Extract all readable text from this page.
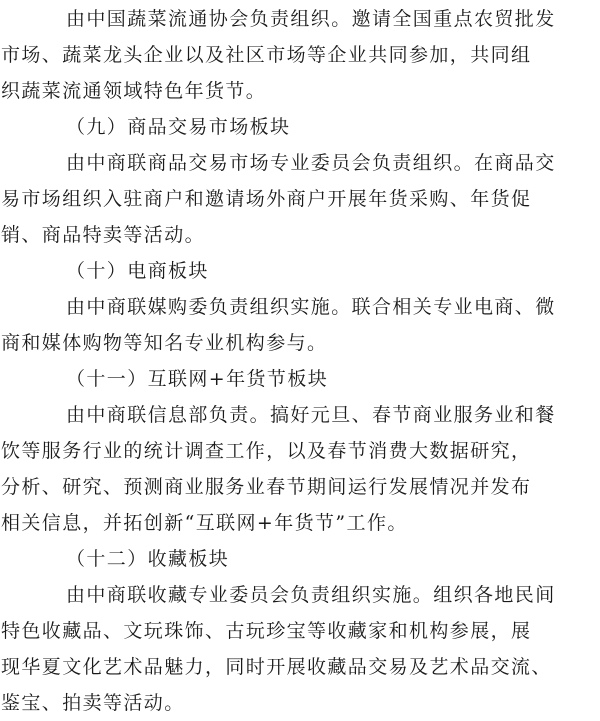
由中国蔬菜流通协会负责组织。邀请全国重点农贸批发
市场、蔬菜龙头企业以及社区市场等企业共同参加，共同组
织蔬菜流通领域特色年货节。
（九）商品交易市场板块
由中商联商品交易市场专业委员会负责组织。在商品交
易市场组织入驻商户和邀请场外商户开展年货采购、年货促
销、商品特卖等活动。
（十）电商板块
由中商联媒购委负责组织实施。联合相关专业电商、微
商和媒体购物等知名专业机构参与。
（十一）互联网+年货节板块
由中商联信息部负责。搞好元旦、春节商业服务业和餐
饮等服务行业的统计调查工作，以及春节消费大数据研究，
分析、研究、预测商业服务业春节期间运行发展情况并发布
相关信息，并拓创新“互联网+年货节”工作。
（十二）收藏板块
由中商联收藏专业委员会负责组织实施。组织各地民间
特色收藏品、文玩珠饰、古玩珍宝等收藏家和机构参展，展
现华夏文化艺术品魅力，同时开展收藏品交易及艺术品交流、
鉴宝、拍卖等活动。
